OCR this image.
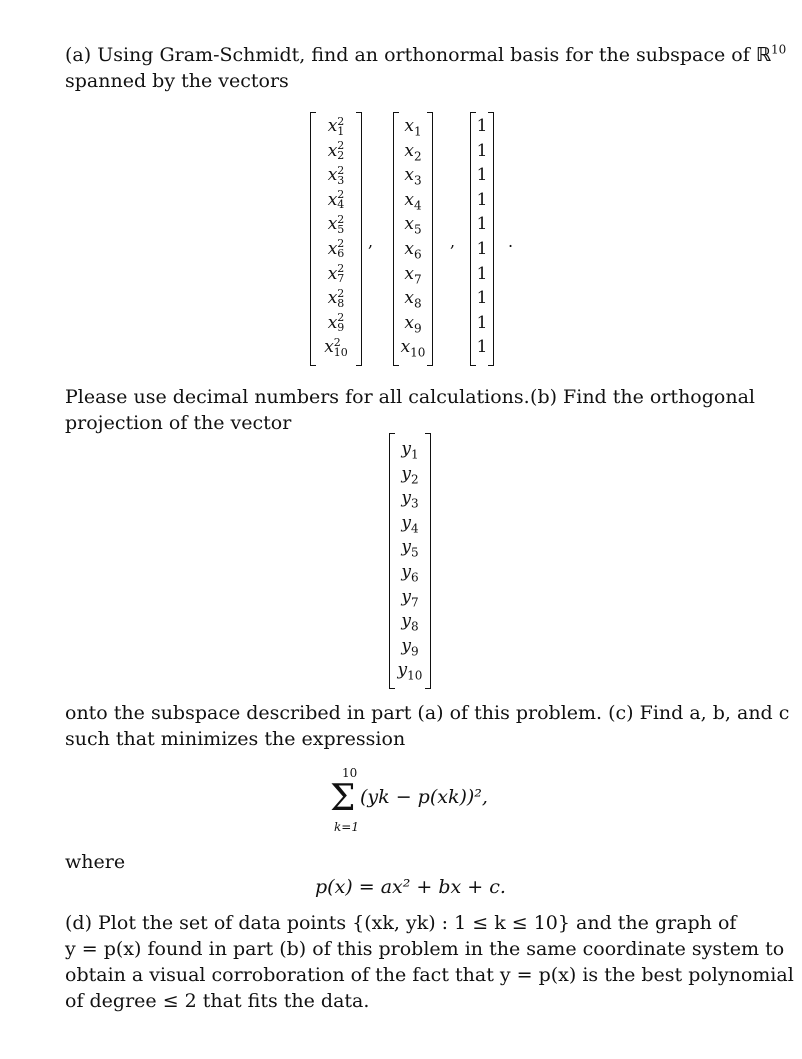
(a) Using Gram-Schmidt, find an orthonormal basis for the subspace of ℝ$^{10}$
spanned by the vectors
x 2
1
x 2
2
x 2
3
x 2
4
x 2
5
x 2
6
x 2
7
x 2
8
x 2
9
x 2
10
,
$x_1$
$x_2$
$x_3$
$x_4$
$x_5$
$x_6$
$x_7$
$x_8$
$x_9$
$x_{10}$
,
1
1
1
1
1
1
1
1
1
1
.
Please use decimal numbers for all calculations. (b) Find the orthogonal
projection of the vector
$y_1$
$y_2$
$y_3$
$y_4$
$y_5$
$y_6$
$y_7$
$y_8$
$y_9$
$y_{10}$
onto the subspace described in part (a) of this problem. (c) Find a, b, and c
such that minimizes the expression
10
Σ
k=1
(yk − p(xk))²,
where
p(x) = ax² + bx + c.
(d) Plot the set of data points {(xk, yk) : 1 ≤ k ≤ 10} and the graph of
y = p(x) found in part (b) of this problem in the same coordinate system to
obtain a visual corroboration of the fact that y = p(x) is the best polynomial
of degree ≤ 2 that fits the data.
